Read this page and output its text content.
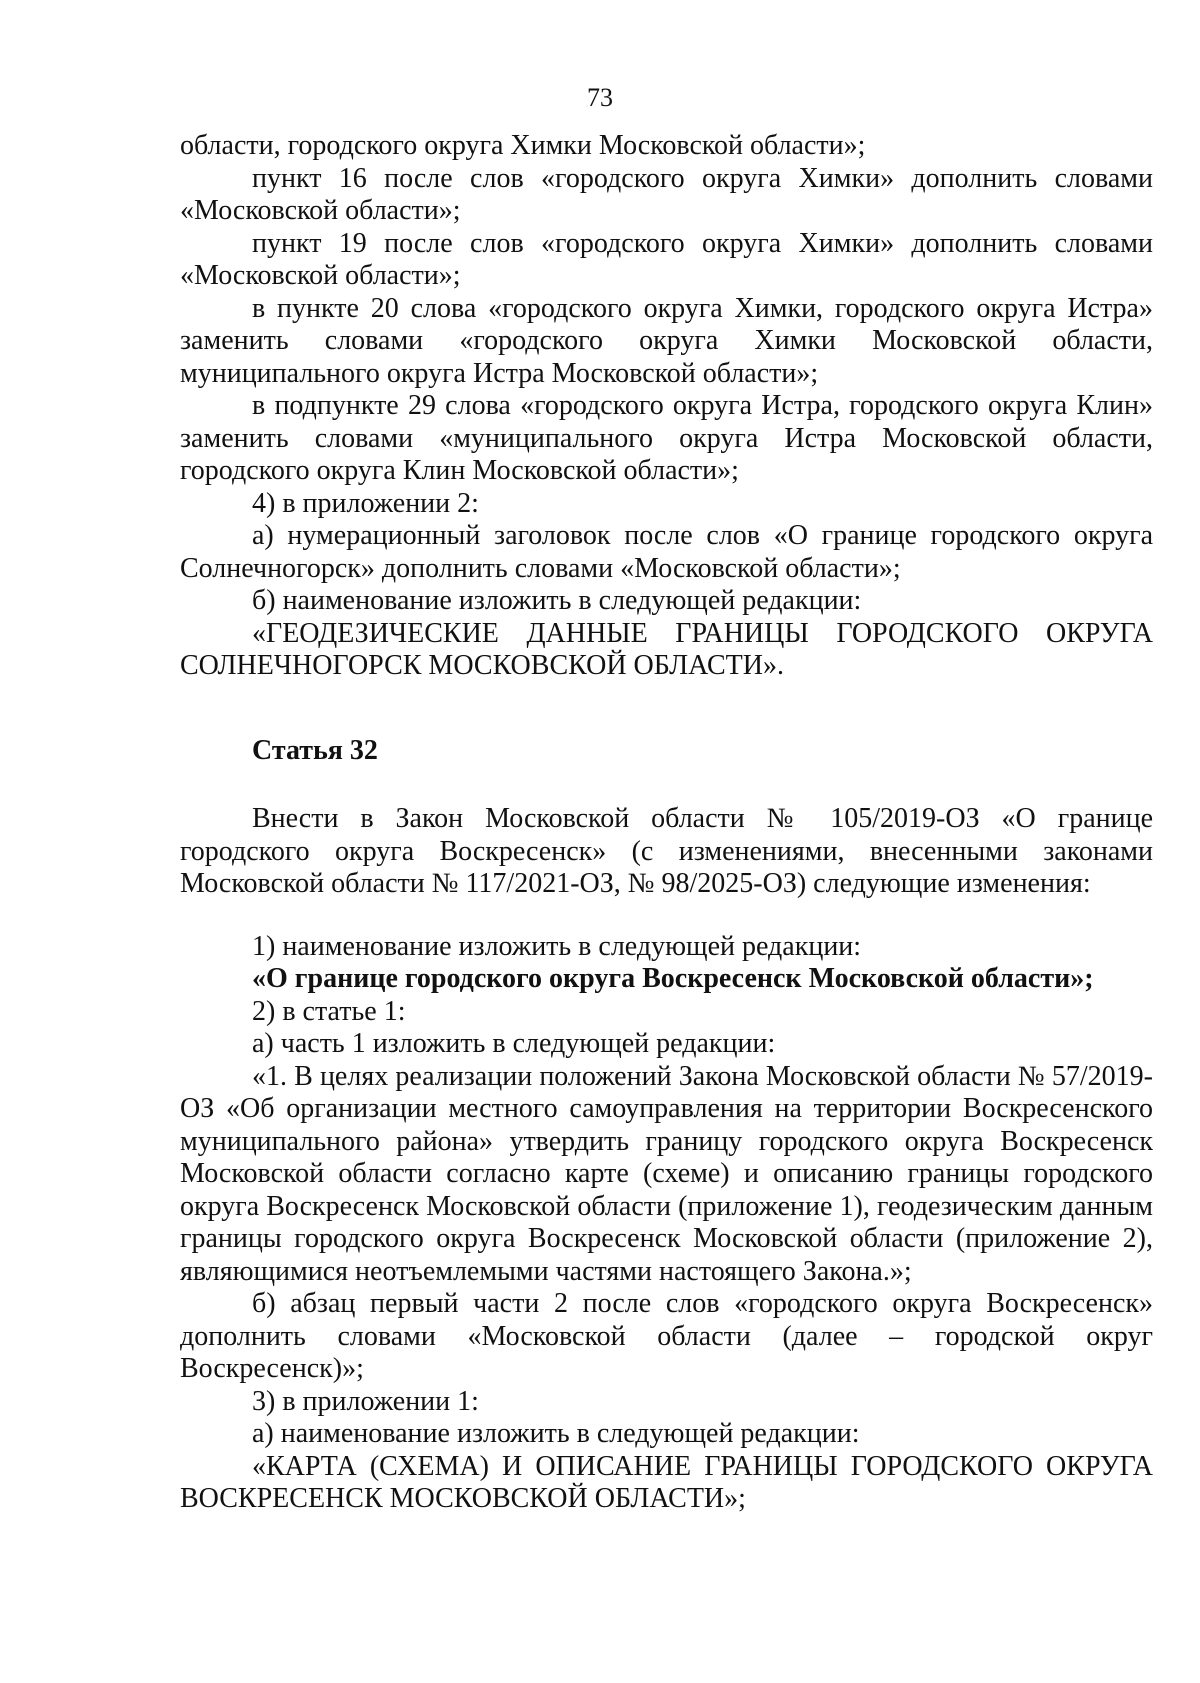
73

области, городского округа Химки Московской области»;

пункт 16 после слов «городского округа Химки» дополнить словами «Московской области»;

пункт 19 после слов «городского округа Химки» дополнить словами «Московской области»;

в пункте 20 слова «городского округа Химки, городского округа Истра» заменить словами «городского округа Химки Московской области, муниципального округа Истра Московской области»;

в подпункте 29 слова «городского округа Истра, городского округа Клин» заменить словами «муниципального округа Истра Московской области, городского округа Клин Московской области»;

4) в приложении 2:

а) нумерационный заголовок после слов «О границе городского округа Солнечногорск» дополнить словами «Московской области»;

б) наименование изложить в следующей редакции:

«ГЕОДЕЗИЧЕСКИЕ ДАННЫЕ ГРАНИЦЫ ГОРОДСКОГО ОКРУГА

СОЛНЕЧНОГОРСК МОСКОВСКОЙ ОБЛАСТИ».

Статья 32

Внести в Закон Московской области № 105/2019-ОЗ «О границе городского округа Воскресенск» (с изменениями, внесенными законами Московской области № 117/2021-ОЗ, № 98/2025-ОЗ) следующие изменения:

1) наименование изложить в следующей редакции:

«О границе городского округа Воскресенск Московской области»;

2) в статье 1:

а) часть 1 изложить в следующей редакции:

«1. В целях реализации положений Закона Московской области № 57/2019-ОЗ «Об организации местного самоуправления на территории Воскресенского муниципального района» утвердить границу городского округа Воскресенск Московской области согласно карте (схеме) и описанию границы городского округа Воскресенск Московской области (приложение 1), геодезическим данным границы городского округа Воскресенск Московской области (приложение 2), являющимися неотъемлемыми частями настоящего Закона.»;

б) абзац первый части 2 после слов «городского округа Воскресенск» дополнить словами «Московской области (далее – городской округ Воскресенск)»;

3) в приложении 1:

а) наименование изложить в следующей редакции:

«КАРТА (СХЕМА) И ОПИСАНИЕ ГРАНИЦЫ ГОРОДСКОГО ОКРУГА

ВОСКРЕСЕНСК МОСКОВСКОЙ ОБЛАСТИ»;
